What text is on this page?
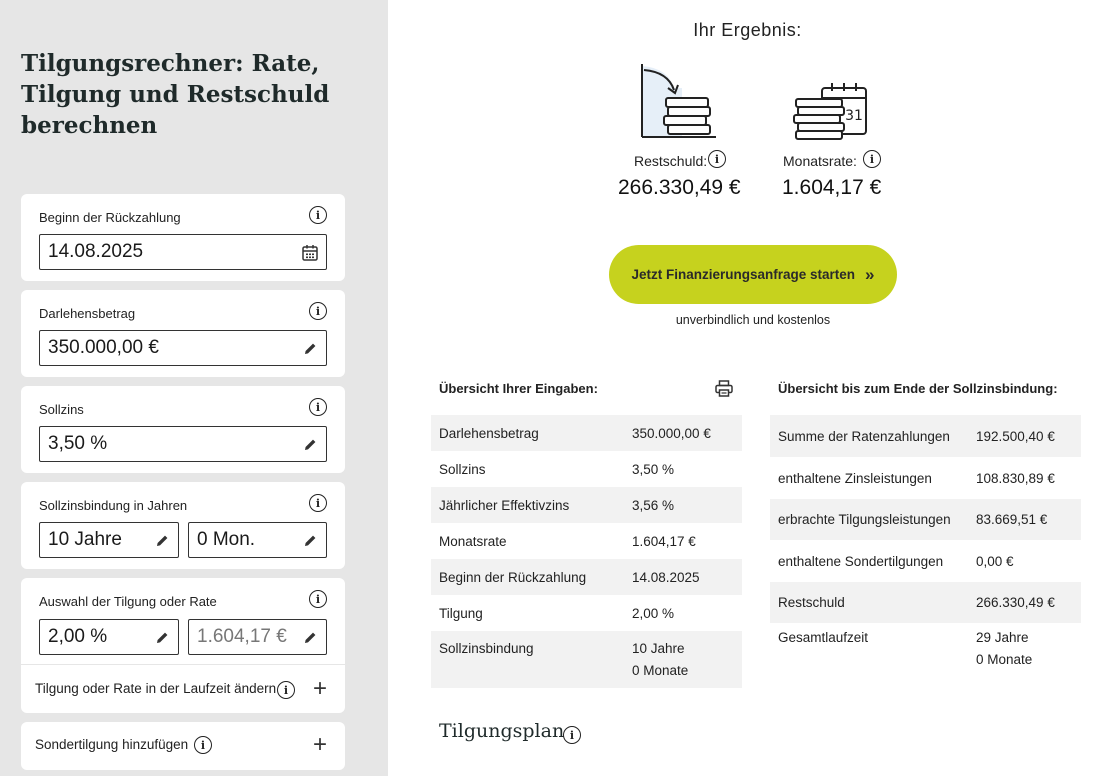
Tilgungsrechner: Rate, Tilgung und Restschuld berechnen
Beginn der Rückzahlung	i
14.08.2025
Darlehensbetrag	i
350.000,00 €
Sollzins	i
3,50 %
Sollzinsbindung in Jahren	i
10 Jahre	0 Mon.
Auswahl der Tilgung oder Rate	i
2,00 %	1.604,17 €
Tilgung oder Rate in der Laufzeit ändern i +
Sondertilgung hinzufügen	i	+
Ihr Ergebnis:
31
Restschuld: i
266.330,49 €
Monatsrate:	i
1.604,17 €
Jetzt Finanzierungsanfrage starten »
unverbindlich und kostenlos
Übersicht Ihrer Eingaben:
Darlehensbetrag	350.000,00 €
Sollzins	3,50 %
Jährlicher Effektivzins	3,56 %
Monatsrate	1.604,17 €
Beginn der Rückzahlung	14.08.2025
Tilgung	2,00 %
Sollzinsbindung	10 Jahre
0 Monate
Übersicht bis zum Ende der Sollzinsbindung:
Summe der Ratenzahlungen	192.500,40 €
enthaltene Zinsleistungen	108.830,89 €
erbrachte Tilgungsleistungen	83.669,51 €
enthaltene Sondertilgungen	0,00 €
Restschuld	266.330,49 €
Gesamtlaufzeit	29 Jahre
0 Monate
Tilgungsplan i
